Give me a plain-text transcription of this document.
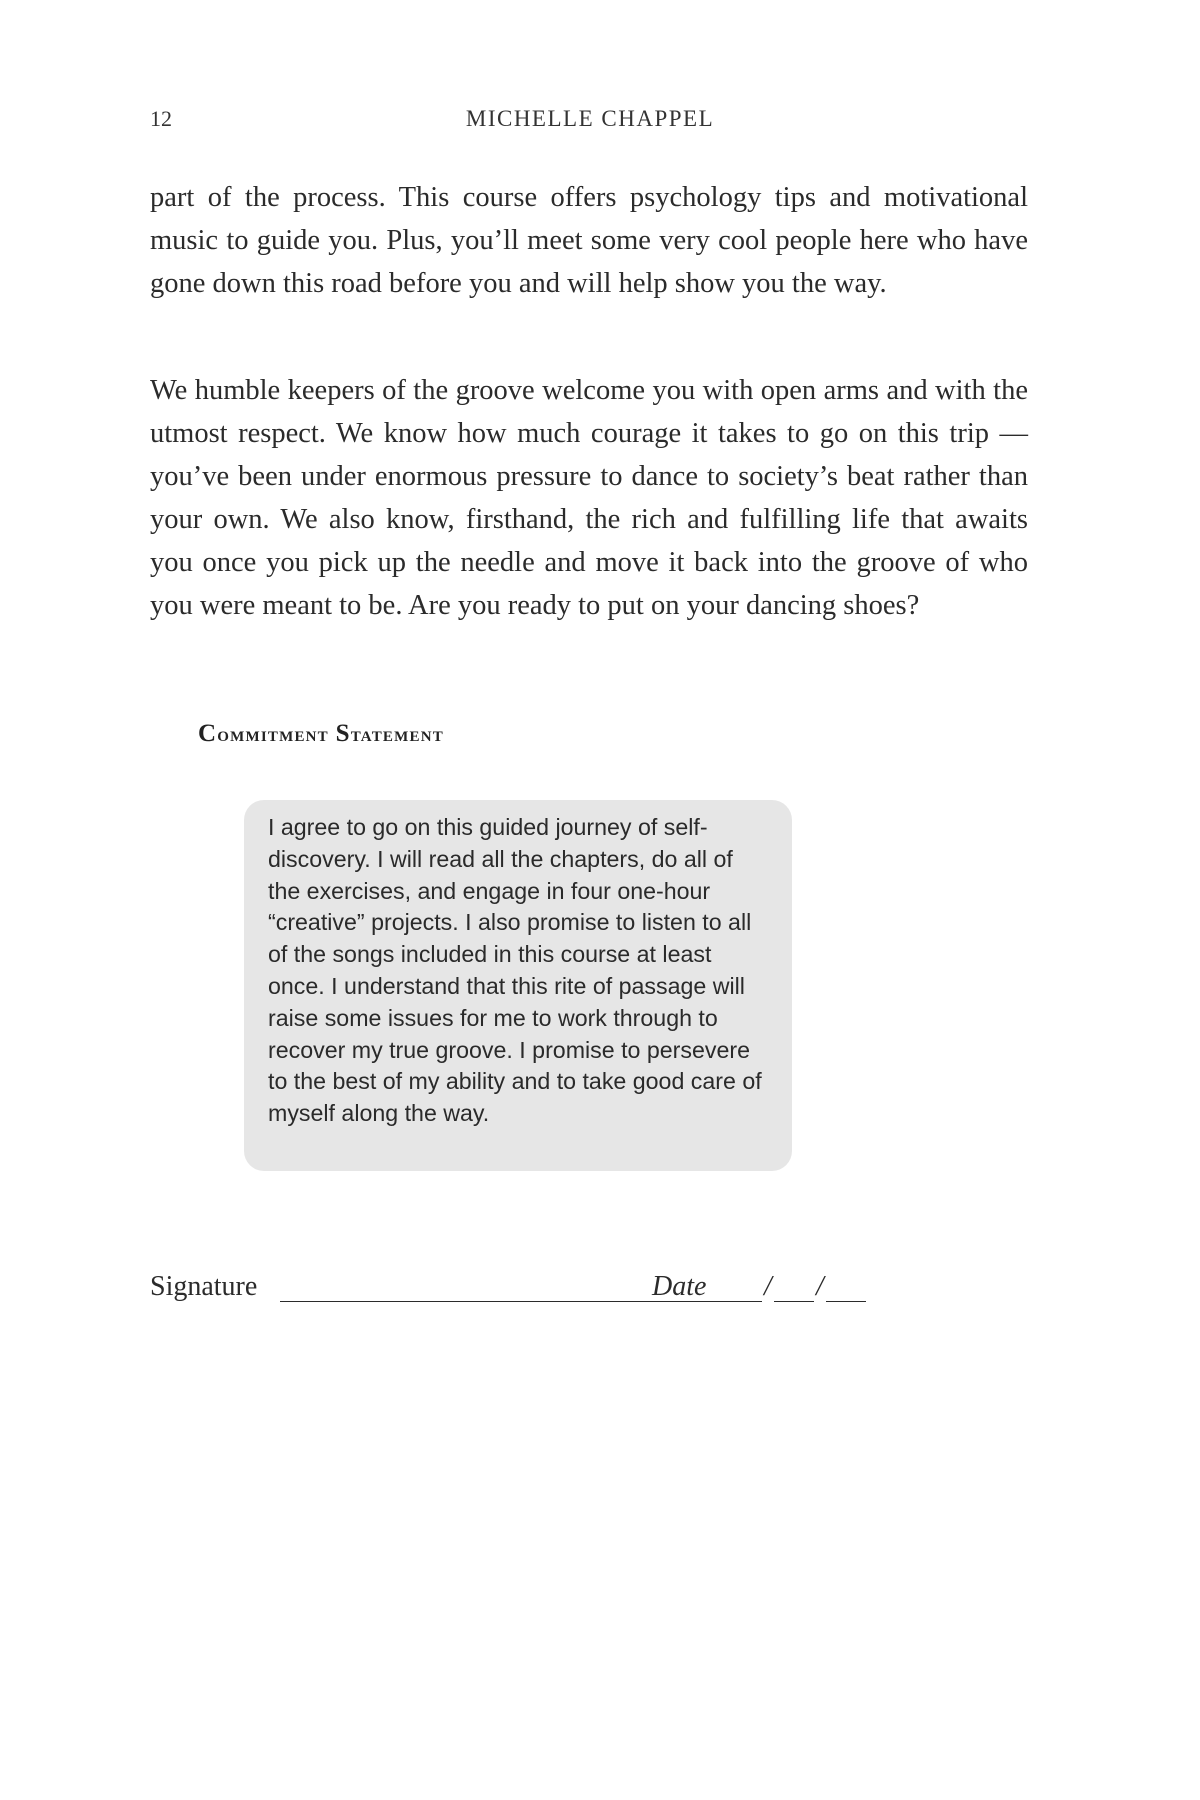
12	MICHELLE CHAPPEL

part of the process. This course offers psychology tips and motivational music to guide you. Plus, you’ll meet some very cool people here who have gone down this road before you and will help show you the way.

We humble keepers of the groove welcome you with open arms and with the utmost respect. We know how much courage it takes to go on this trip — you’ve been under enormous pressure to dance to society’s beat rather than your own. We also know, firsthand, the rich and fulfilling life that awaits you once you pick up the needle and move it back into the groove of who you were meant to be. Are you ready to put on your dancing shoes?

Commitment Statement

I agree to go on this guided journey of self-discovery. I will read all the chapters, do all of the exercises, and engage in four one-hour “creative” projects. I also promise to listen to all of the songs included in this course at least once. I understand that this rite of passage will raise some issues for me to work through to recover my true groove. I promise to persevere to the best of my ability and to take good care of myself along the way.

Signature	Date / /
